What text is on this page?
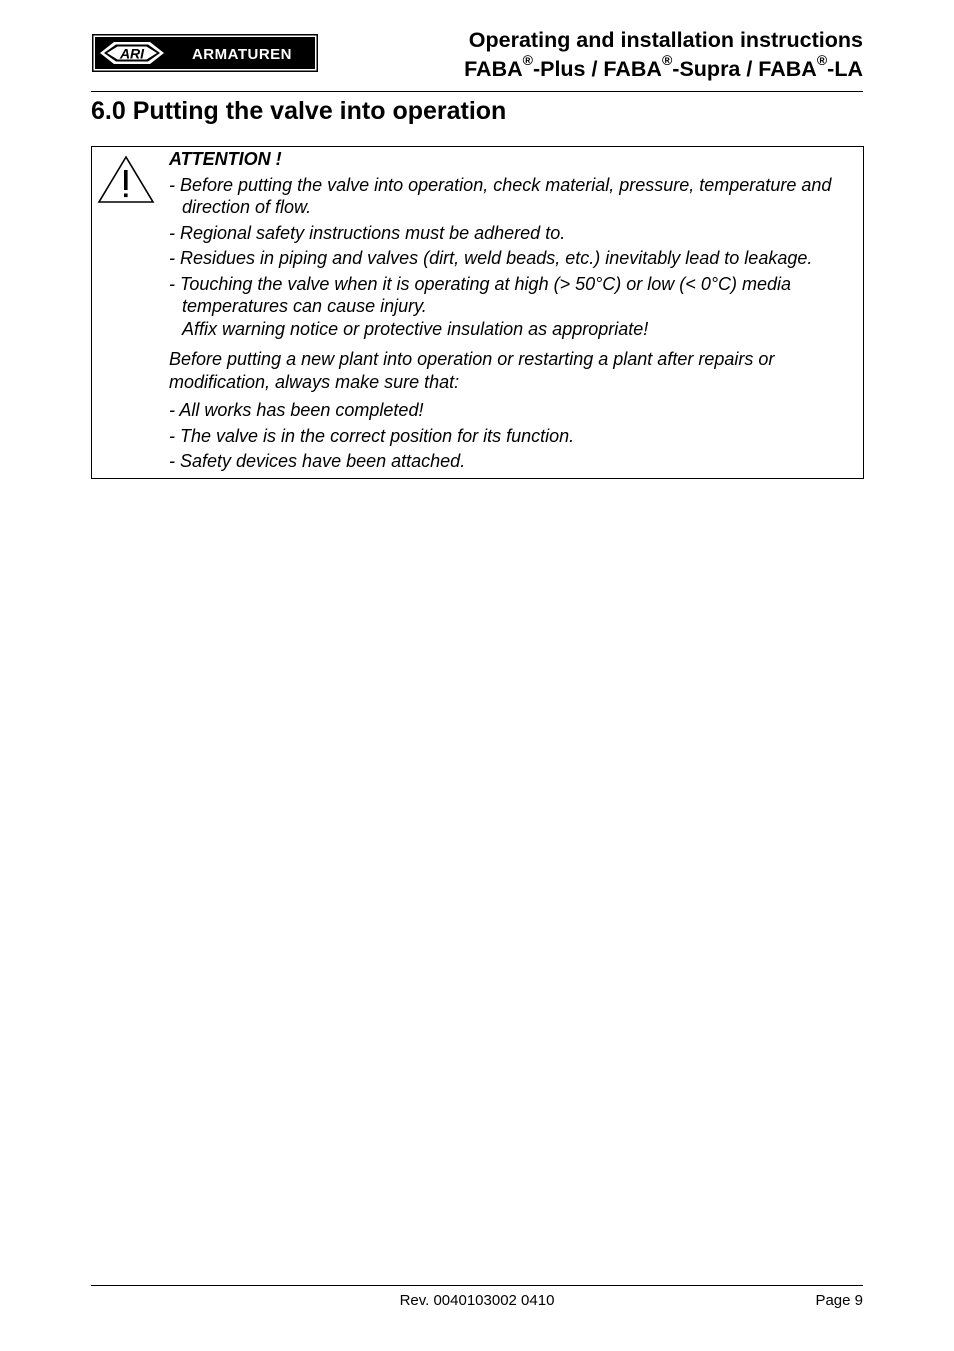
ARI	ARMATUREN
Operating and installation instructions
FABA®-Plus / FABA®-Supra / FABA®-LA
6.0 Putting the valve into operation
ATTENTION !
- Before putting the valve into operation, check material, pressure, temperature and direction of flow.
- Regional safety instructions must be adhered to.
- Residues in piping and valves (dirt, weld beads, etc.) inevitably lead to leakage.
- Touching the valve when it is operating at high (> 50°C) or low (< 0°C) media temperatures can cause injury.
Affix warning notice or protective insulation as appropriate!
Before putting a new plant into operation or restarting a plant after repairs or modification, always make sure that:
- All works has been completed!
- The valve is in the correct position for its function.
- Safety devices have been attached.
Rev. 0040103002 0410	Page 9
